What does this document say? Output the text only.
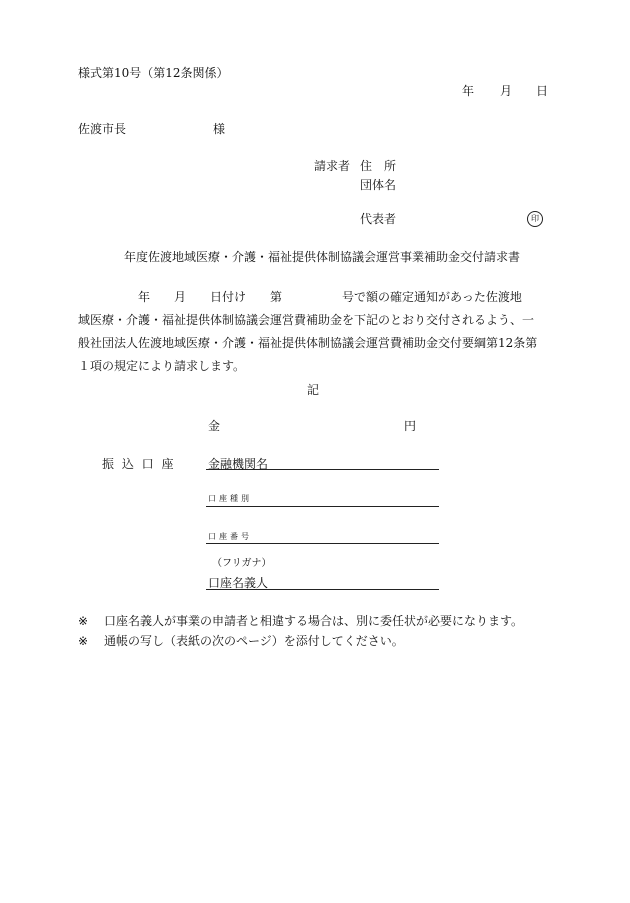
様式第10号（第12条関係）
年 月 日
佐渡市長	様
請求者 住　所
団体名
代表者	印
年度佐渡地域医療・介護・福祉提供体制協議会運営事業補助金交付請求書
　　　　　年　　月　　日付け　　第　　　　　号で額の確定通知があった佐渡地
域医療・介護・福祉提供体制協議会運営費補助金を下記のとおり交付されるよう、一
般社団法人佐渡地域医療・介護・福祉提供体制協議会運営費補助金交付要綱第12条第
１項の規定により請求します。
記
金	円
振 込 口 座	金融機関名
口座種別
口座番号
（フリガナ）
口座名義人
※ 口座名義人が事業の申請者と相違する場合は、別に委任状が必要になります。
※ 通帳の写し（表紙の次のページ）を添付してください。
